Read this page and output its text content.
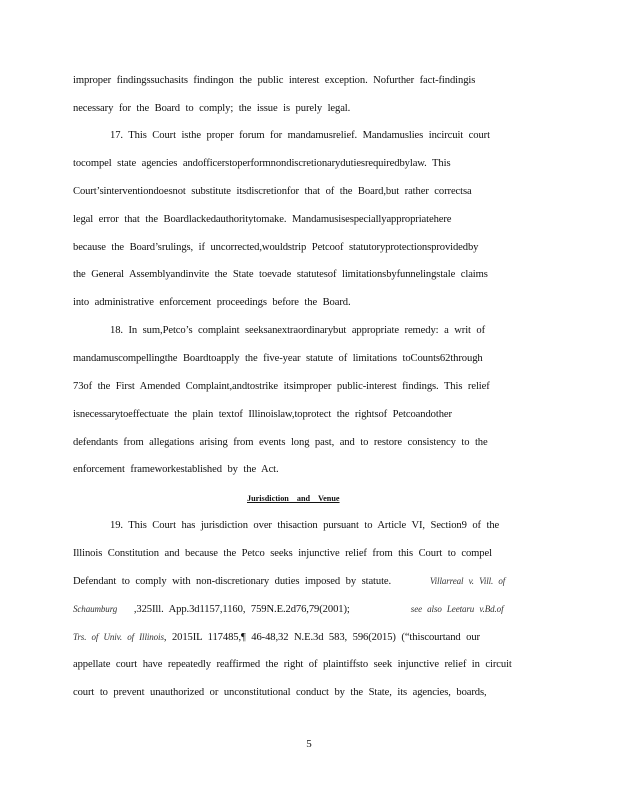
improper findingssuchasits findingon the public interest exception. Nofurther fact-findingis
necessary for the Board to comply; the issue is purely legal.
17. This Court isthe proper forum for mandamusrelief. Mandamuslies incircuit court
tocompel state agencies andofficerstoperformnondiscretionarydutiesrequiredbylaw. This
Court’sinterventiondoesnot substitute itsdiscretionfor that of the Board,but rather correctsa
legal error that the Boardlackedauthoritytomake. Mandamusisespeciallyappropriatehere
because the Board’srulings, if uncorrected,wouldstrip Petcoof statutoryprotectionsprovidedby
the General Assemblyandinvite the State toevade statutesof limitationsbyfunnelingstale claims
into administrative enforcement proceedings before the Board.
18. In sum,Petco’s complaint seeksanextraordinarybut appropriate remedy: a writ of
mandamuscompellingthe Boardtoapply the five-year statute of limitations toCounts62through
73of the First Amended Complaint,andtostrike itsimproper public-interest findings. This relief
isnecessarytoeffectuate the plain textof Illinoislaw,toprotect the rightsof Petcoandother
defendants from allegations arising from events long past, and to restore consistency to the
enforcement frameworkestablished by the Act.
Jurisdiction and Venue
19. This Court has jurisdiction over thisaction pursuant to Article VI, Section9 of the
Illinois Constitution and because the Petco seeks injunctive relief from this Court to compel
Defendant to comply with non-discretionary duties imposed by statute.	Villarreal v. Vill. of
Schaumburg ,325Ill. App.3d1157,1160, 759N.E.2d76,79(2001);	see also Leetaru v.Bd.of
Trs. of Univ. of Illinois, 2015IL 117485,¶ 46-48,32 N.E.3d 583, 596(2015) (“thiscourtand our
appellate court have repeatedly reaffirmed the right of plaintiffsto seek injunctive relief in circuit
court to prevent unauthorized or unconstitutional conduct by the State, its agencies, boards,
5
